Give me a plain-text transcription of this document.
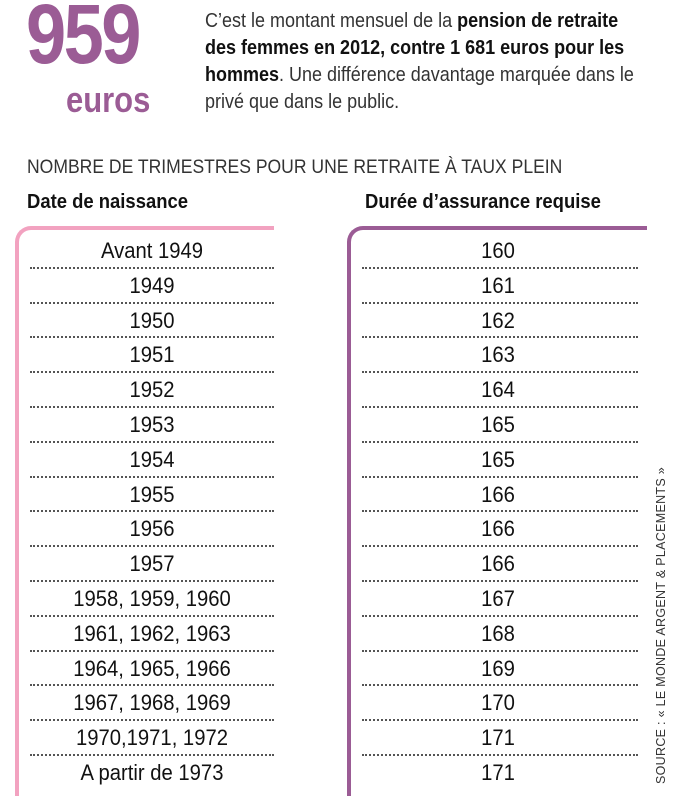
959
euros
C’est le montant mensuel de la pension de retraite des femmes en 2012, contre 1 681 euros pour les hommes. Une différence davantage marquée dans le privé que dans le public.
NOMBRE DE TRIMESTRES POUR UNE RETRAITE À TAUX PLEIN
Date de naissance	Durée d’assurance requise
Avant 1949	160
1949	161
1950	162
1951	163
1952	164
1953	165
1954	165
1955	166
1956	166
1957	166
1958, 1959, 1960	167
1961, 1962, 1963	168
1964, 1965, 1966	169
1967, 1968, 1969	170
1970,1971, 1972	171
A partir de 1973	171	SOURCE : « LE MONDE ARGENT & PLACEMENTS »
